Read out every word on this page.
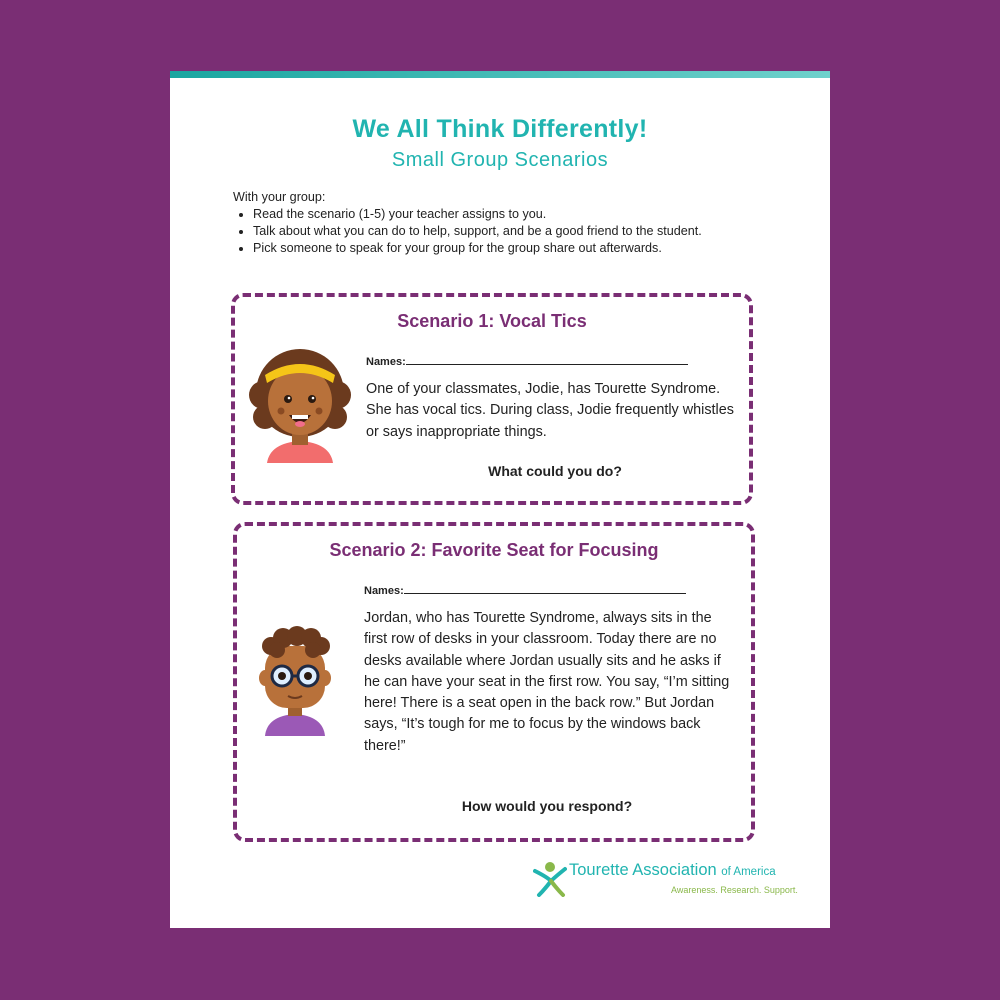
We All Think Differently!
Small Group Scenarios
With your group:
• Read the scenario (1-5) your teacher assigns to you.
• Talk about what you can do to help, support, and be a good friend to the student.
• Pick someone to speak for your group for the group share out afterwards.
Scenario 1: Vocal Tics
Names:
One of your classmates, Jodie, has Tourette Syndrome. She has vocal tics. During class, Jodie frequently whistles or says inappropriate things.
What could you do?
Scenario 2: Favorite Seat for Focusing
Names:
Jordan, who has Tourette Syndrome, always sits in the first row of desks in your classroom. Today there are no desks available where Jordan usually sits and he asks if he can have your seat in the first row. You say, “I’m sitting here! There is a seat open in the back row.” But Jordan says, “It’s tough for me to focus by the windows back there!”
How would you respond?
Tourette Association of America
Awareness. Research. Support.
